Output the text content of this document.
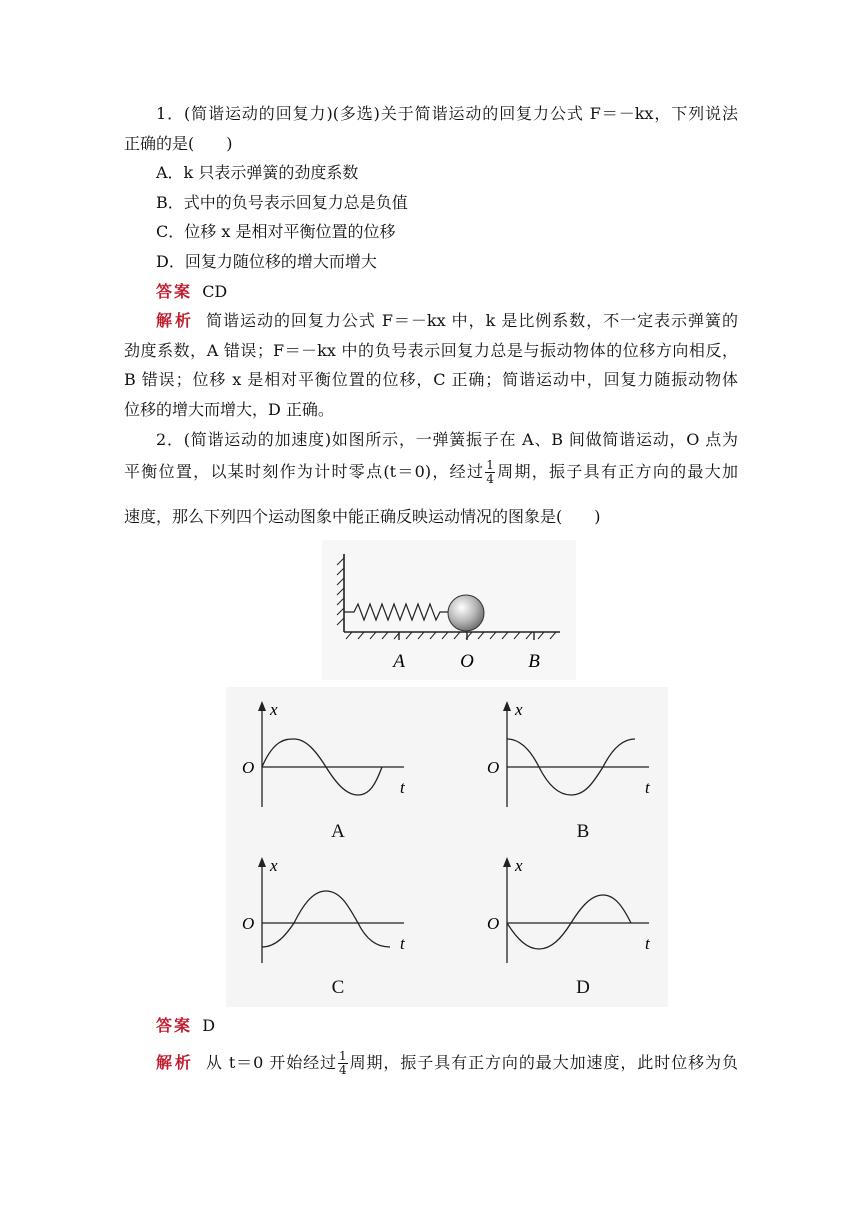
1．(简谐运动的回复力)(多选)关于简谐运动的回复力公式 F＝－kx，下列说法
正确的是(　　)
A．k 只表示弹簧的劲度系数
B．式中的负号表示回复力总是负值
C．位移 x 是相对平衡位置的位移
D．回复力随位移的增大而增大
答案 CD
解析 简谐运动的回复力公式 F＝－kx 中，k 是比例系数，不一定表示弹簧的
劲度系数，A 错误；F＝－kx 中的负号表示回复力总是与振动物体的位移方向相反，
B 错误；位移 x 是相对平衡位置的位移，C 正确；简谐运动中，回复力随振动物体
位移的增大而增大，D 正确。
2．(简谐运动的加速度)如图所示，一弹簧振子在 A、B 间做简谐运动，O 点为
平衡位置，以某时刻作为计时零点(t＝0)，经过 $\frac{1}{4}$ 周期，振子具有正方向的最大加
速度，那么下列四个运动图象中能正确反映运动情况的图象是(　　)
A	O	B
x
t
O
A
x
t
O
B
x
t
O
C
x
t
O
D
答案 D
解析 从 t＝0 开始经过 $\frac{1}{4}$ 周期，振子具有正方向的最大加速度，此时位移为负
